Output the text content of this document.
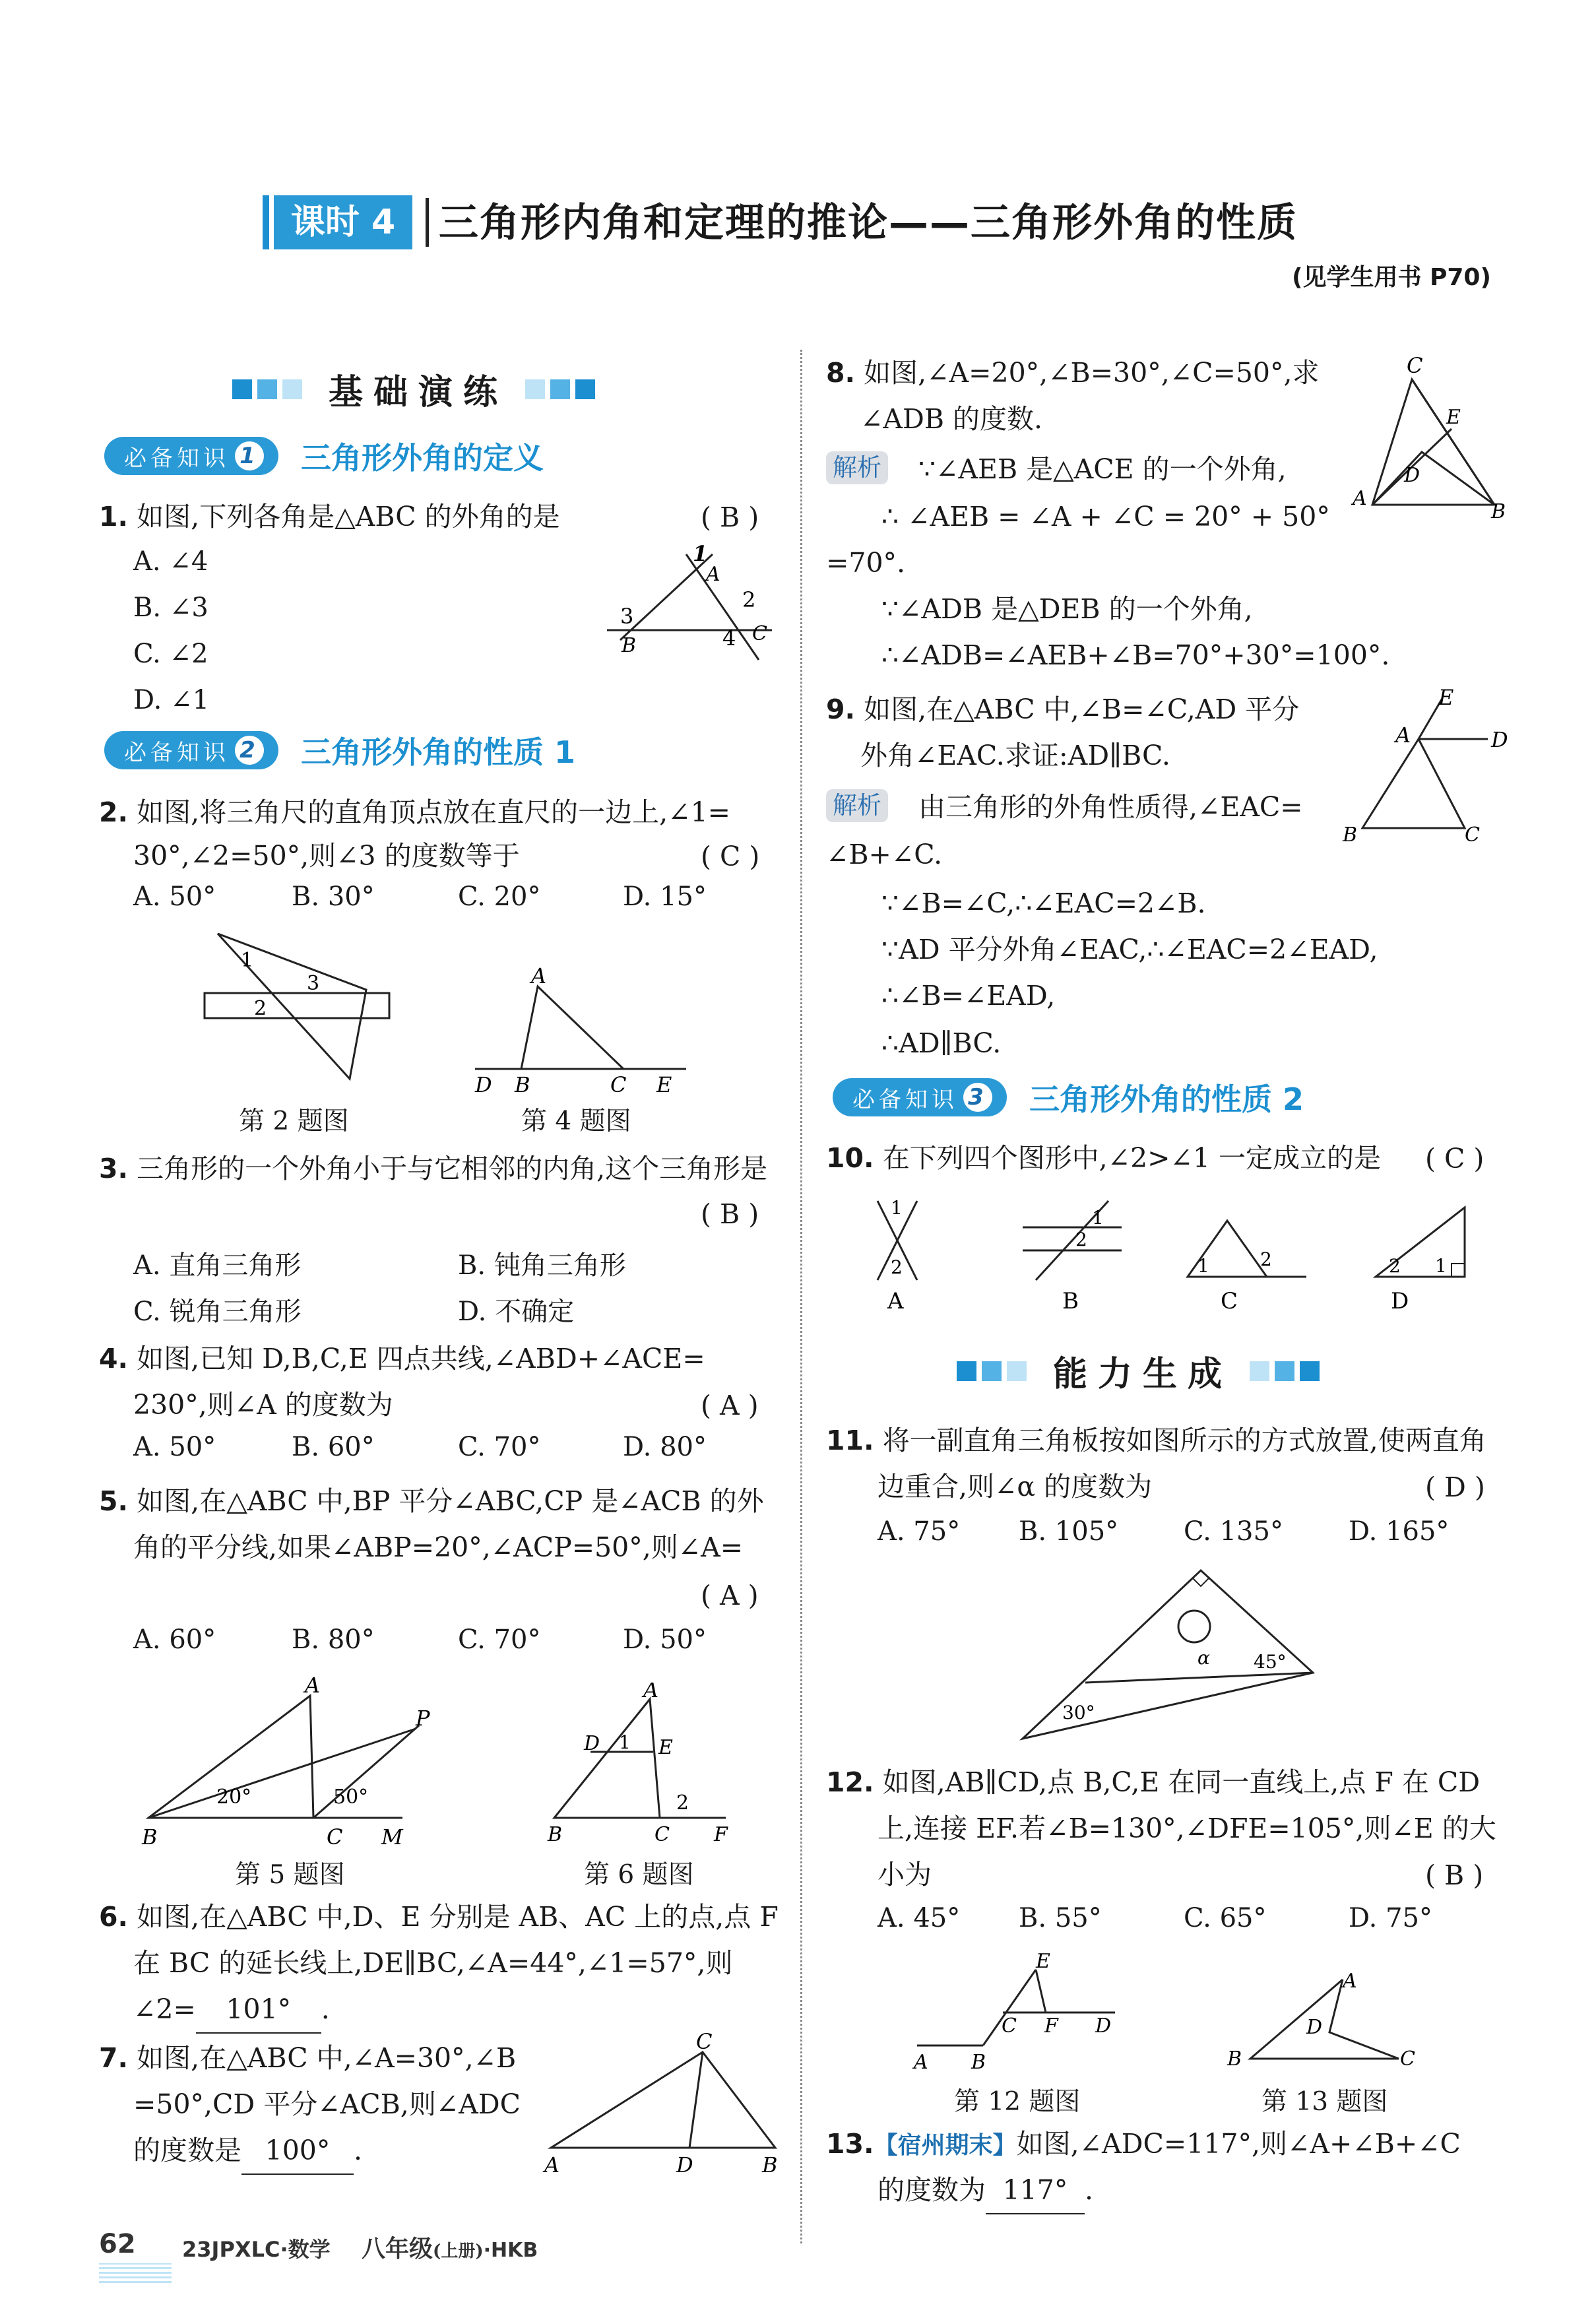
课时 4	三角形内角和定理的推论——三角形外角的性质
(见学生用书 P70)
基础演练
必备知识 1 三角形外角的定义
1. 如图,下列各角是△ABC 的外角的是	( B )
A. ∠4
B. ∠3
C. ∠2
D. ∠1
1
A
3
B
2
4 C
必备知识 2 三角形外角的性质 1
2. 如图,将三角尺的直角顶点放在直尺的一边上,∠1=
30°,∠2=50°,则∠3 的度数等于	( C )
A. 50°	B. 30°	C. 20°	D. 15°
1
3
2
第 2 题图
A
D B	C E
第 4 题图
3. 三角形的一个外角小于与它相邻的内角,这个三角形是
( B )
A. 直角三角形	B. 钝角三角形
C. 锐角三角形	D. 不确定
4. 如图,已知 D,B,C,E 四点共线,∠ABD+∠ACE=
230°,则∠A 的度数为	( A )
A. 50°	B. 60°	C. 70°	D. 80°
5. 如图,在△ABC 中,BP 平分∠ABC,CP 是∠ACB 的外
角的平分线,如果∠ABP=20°,∠ACP=50°,则∠A=
( A )
A. 60°	B. 80°	C. 70°	D. 50°
A
P
20°	50°
B	C M
第 5 题图
A
D 1 E
2
B	C F
第 6 题图
6. 如图,在△ABC 中,D、E 分别是 AB、AC 上的点,点 F
在 BC 的延长线上,DE∥BC,∠A=44°,∠1=57°,则
∠2= 101° .
7. 如图,在△ABC 中,∠A=30°,∠B
=50°,CD 平分∠ACB,则∠ADC
的度数是 100° .
C
A	D	B
62 23JPXLC·数学 八年级(上册)·HKB
8. 如图,∠A=20°,∠B=30°,∠C=50°,求
∠ADB 的度数.
C
E
D
A
B
解析 ∵∠AEB 是△ACE 的一个外角,
∴ ∠AEB = ∠A + ∠C = 20° + 50°
=70°.
∵∠ADB 是△DEB 的一个外角,
∴∠ADB=∠AEB+∠B=70°+30°=100°.
9. 如图,在△ABC 中,∠B=∠C,AD 平分
外角∠EAC.求证:AD∥BC.
E
A	D
B	C
解析 由三角形的外角性质得,∠EAC=
∠B+∠C.
∵∠B=∠C,∴∠EAC=2∠B.
∵AD 平分外角∠EAC,∴∠EAC=2∠EAD,
∴∠B=∠EAD,
∴AD∥BC.
必备知识 3 三角形外角的性质 2
10. 在下列四个图形中,∠2>∠1 一定成立的是 ( C )
1
2
A
1
2
B
1	2
C
2 1
D
能力生成
11. 将一副直角三角板按如图所示的方式放置,使两直角
边重合,则∠α 的度数为	( D )
A. 75° B. 105° C. 135° D. 165°
45°
α
30°
12. 如图,AB∥CD,点 B,C,E 在同一直线上,点 F 在 CD
上,连接 EF.若∠B=130°,∠DFE=105°,则∠E 的大
小为	( B )
A. 45° B. 55°	C. 65°	D. 75°
E
C F D
A B
第 12 题图
A
D
B	C
第 13 题图
13.【宿州期末】如图,∠ADC=117°,则∠A+∠B+∠C
的度数为 117° .
